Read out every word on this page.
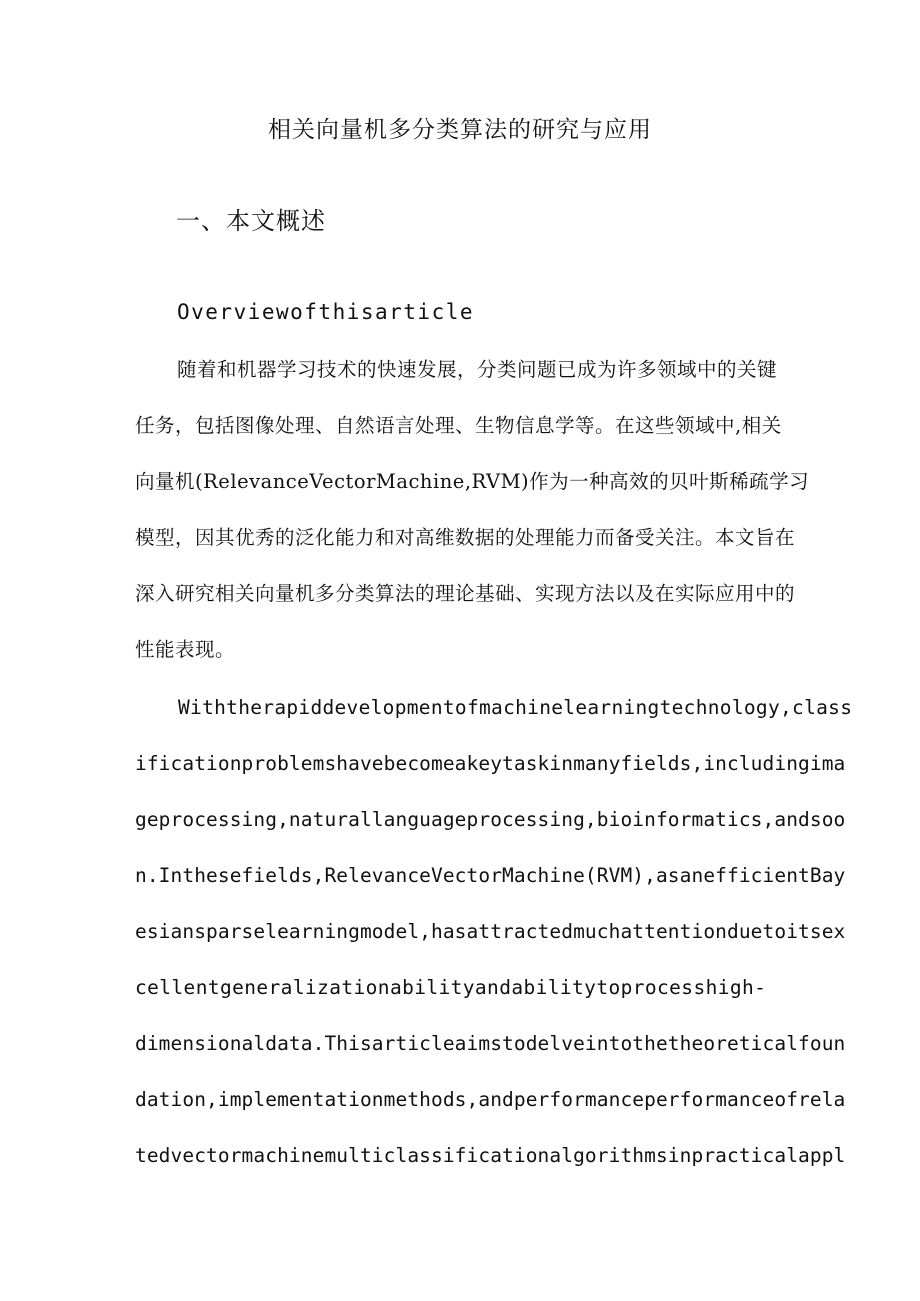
相关向量机多分类算法的研究与应用
一、本文概述
Overviewofthisarticle
随着和机器学习技术的快速发展，分类问题已成为许多领域中的关键
任务，包括图像处理、自然语言处理、生物信息学等。在这些领域中,相关
向量机(RelevanceVectorMachine,RVM)作为一种高效的贝叶斯稀疏学习
模型，因其优秀的泛化能力和对高维数据的处理能力而备受关注。本文旨在
深入研究相关向量机多分类算法的理论基础、实现方法以及在实际应用中的
性能表现。
Withtherapiddevelopmentofmachinelearningtechnology,class
ificationproblemshavebecomeakeytaskinmanyfields,includingima
geprocessing,naturallanguageprocessing,bioinformatics,andsoo
n.Inthesefields,RelevanceVectorMachine(RVM),asanefficientBay
esiansparselearningmodel,hasattractedmuchattentionduetoitsex
cellentgeneralizationabilityandabilitytoprocesshigh-
dimensionaldata.Thisarticleaimstodelveintothetheoreticalfoun
dation,implementationmethods,andperformanceperformanceofrela
tedvectormachinemulticlassificationalgorithmsinpracticalappl
